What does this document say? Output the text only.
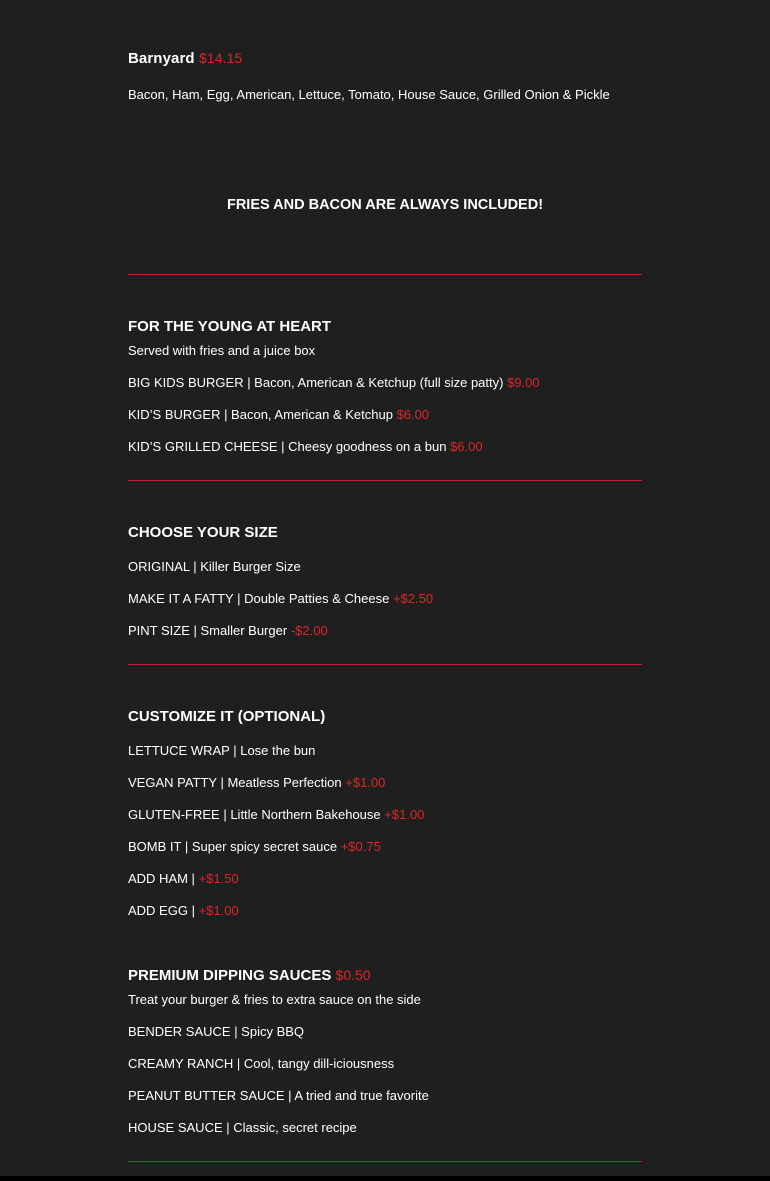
Barnyard $14.15
Bacon, Ham, Egg, American, Lettuce, Tomato, House Sauce, Grilled Onion & Pickle
FRIES AND BACON ARE ALWAYS INCLUDED!
FOR THE YOUNG AT HEART
Served with fries and a juice box
BIG KIDS BURGER | Bacon, American & Ketchup (full size patty) $9.00
KID’S BURGER | Bacon, American & Ketchup $6.00
KID’S GRILLED CHEESE | Cheesy goodness on a bun $6.00
CHOOSE YOUR SIZE
ORIGINAL | Killer Burger Size
MAKE IT A FATTY | Double Patties & Cheese +$2.50
PINT SIZE | Smaller Burger -$2.00
CUSTOMIZE IT (OPTIONAL)
LETTUCE WRAP | Lose the bun
VEGAN PATTY | Meatless Perfection +$1.00
GLUTEN-FREE | Little Northern Bakehouse +$1.00
BOMB IT | Super spicy secret sauce +$0.75
ADD HAM | +$1.50
ADD EGG | +$1.00
PREMIUM DIPPING SAUCES $0.50
Treat your burger & fries to extra sauce on the side
BENDER SAUCE | Spicy BBQ
CREAMY RANCH | Cool, tangy dill-iciousness
PEANUT BUTTER SAUCE | A tried and true favorite
HOUSE SAUCE | Classic, secret recipe
